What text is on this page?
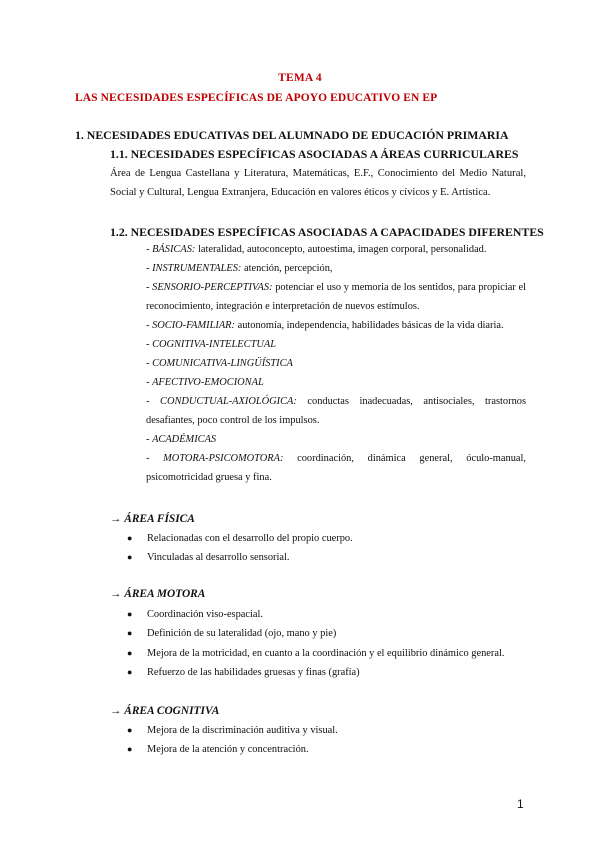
TEMA 4
LAS NECESIDADES ESPECÍFICAS DE APOYO EDUCATIVO EN EP
1. NECESIDADES EDUCATIVAS DEL ALUMNADO DE EDUCACIÓN PRIMARIA
1.1. NECESIDADES ESPECÍFICAS ASOCIADAS A ÁREAS CURRICULARES
Área de Lengua Castellana y Literatura, Matemáticas, E.F., Conocimiento del Medio Natural, Social y Cultural, Lengua Extranjera, Educación en valores éticos y cívicos y E. Artística.
1.2. NECESIDADES ESPECÍFICAS ASOCIADAS A CAPACIDADES DIFERENTES

- BÁSICAS: lateralidad, autoconcepto, autoestima, imagen corporal, personalidad.

- INSTRUMENTALES: atención, percepción,

- SENSORIO-PERCEPTIVAS: potenciar el uso y memoria de los sentidos, para propiciar el reconocimiento, integración e interpretación de nuevos estímulos.

- SOCIO-FAMILIAR: autonomía, independencia, habilidades básicas de la vida diaria.

- COGNITIVA-INTELECTUAL

- COMUNICATIVA-LINGÜÍSTICA

- AFECTIVO-EMOCIONAL

- CONDUCTUAL-AXIOLÓGICA: conductas inadecuadas, antisociales, trastornos desafiantes, poco control de los impulsos.

- ACADÉMICAS

- MOTORA-PSICOMOTORA: coordinación, dinámica general, óculo-manual, psicomotricidad gruesa y fina.

→ ÁREA FÍSICA
● Relacionadas con el desarrollo del propio cuerpo.
● Vinculadas al desarrollo sensorial.
→ ÁREA MOTORA
● Coordinación viso-espacial.
● Definición de su lateralidad (ojo, mano y pie)
● Mejora de la motricidad, en cuanto a la coordinación y el equilibrio dinámico general.
● Refuerzo de las habilidades gruesas y finas (grafía)
→ ÁREA COGNITIVA
● Mejora de la discriminación auditiva y visual.
● Mejora de la atención y concentración.
1
